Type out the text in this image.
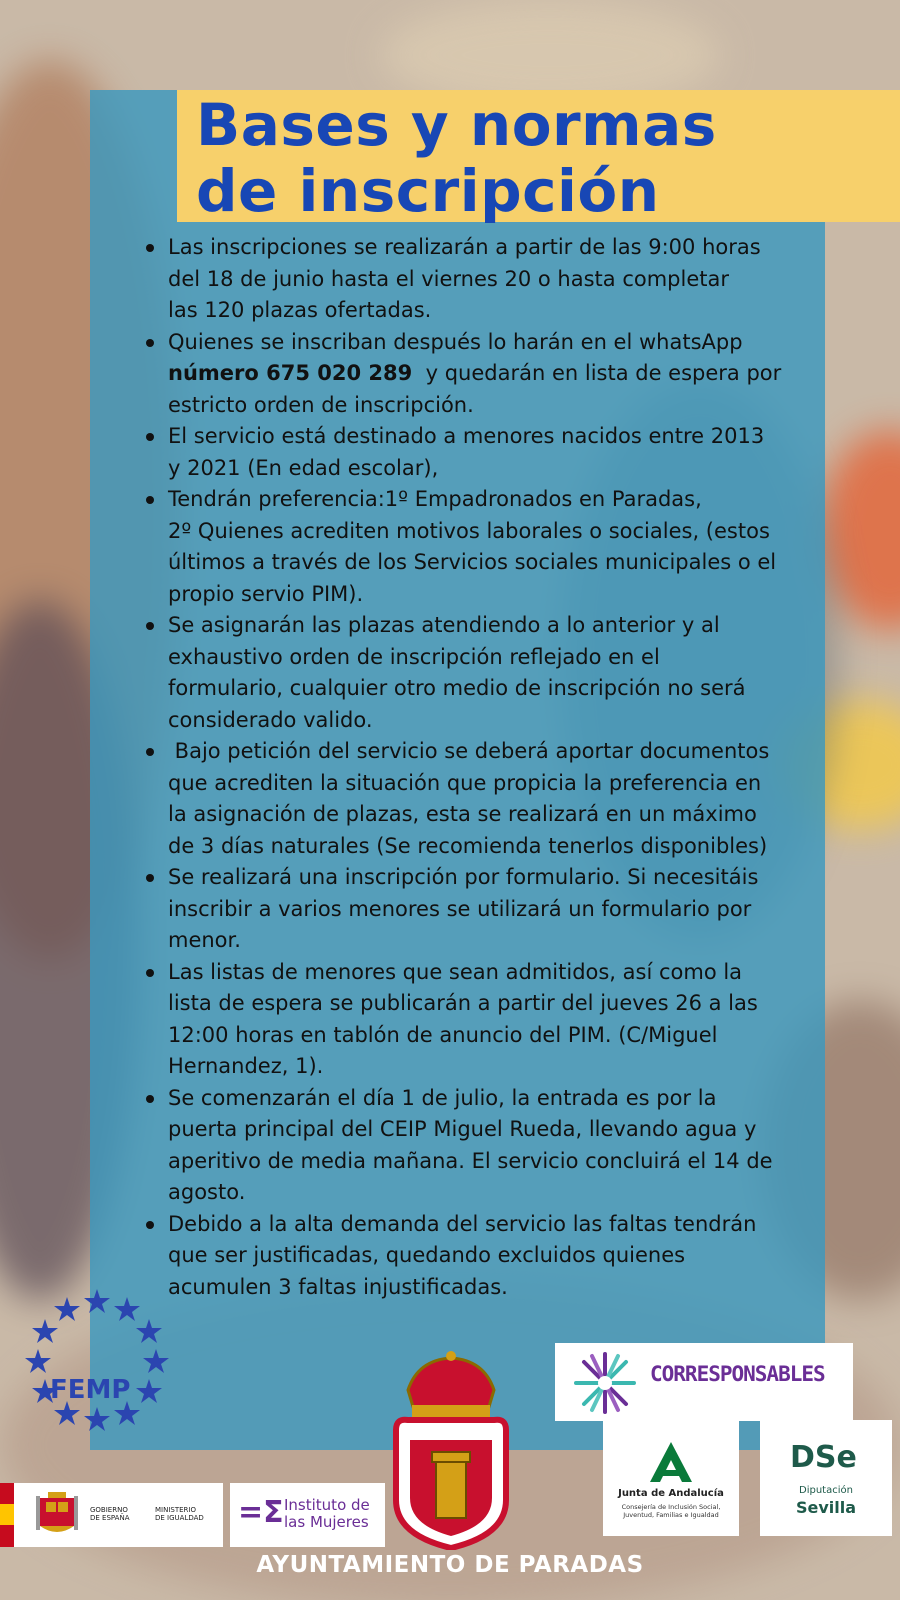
Bases y normas
de inscripción
Las inscripciones se realizarán a partir de las 9:00 horas
del 18 de junio hasta el viernes 20 o hasta completar
las 120 plazas ofertadas.
Quienes se inscriban después lo harán en el whatsApp
número 675 020 289  y quedarán en lista de espera por
estricto orden de inscripción.
El servicio está destinado a menores nacidos entre 2013
y 2021 (En edad escolar),
Tendrán preferencia:1º Empadronados en Paradas,
2º Quienes acrediten motivos laborales o sociales, (estos
últimos a través de los Servicios sociales municipales o el
propio servio PIM).
Se asignarán las plazas atendiendo a lo anterior y al
exhaustivo orden de inscripción reflejado en el
formulario, cualquier otro medio de inscripción no será
considerado valido.
Bajo petición del servicio se deberá aportar documentos
que acrediten la situación que propicia la preferencia en
la asignación de plazas, esta se realizará en un máximo
de 3 días naturales (Se recomienda tenerlos disponibles)
Se realizará una inscripción por formulario. Si necesitáis
inscribir a varios menores se utilizará un formulario por
menor.
Las listas de menores que sean admitidos, así como la
lista de espera se publicarán a partir del jueves 26 a las
12:00 horas en tablón de anuncio del PIM. (C/Miguel
Hernandez, 1).
Se comenzarán el día 1 de julio, la entrada es por la
puerta principal del CEIP Miguel Rueda, llevando agua y
aperitivo de media mañana. El servicio concluirá el 14 de
agosto.
Debido a la alta demanda del servicio las faltas tendrán
que ser justificadas, quedando excluidos quienes
acumulen 3 faltas injustificadas.
FEMP
CORRESPONSABLES
Junta de Andalucía
Consejería de Inclusión Social,
Juventud, Familias e Igualdad
DSe
Diputación
Sevilla
GOBIERNO
DE ESPAÑA
MINISTERIO
DE IGUALDAD =Σ Instituto de
las Mujeres
AYUNTAMIENTO DE PARADAS
